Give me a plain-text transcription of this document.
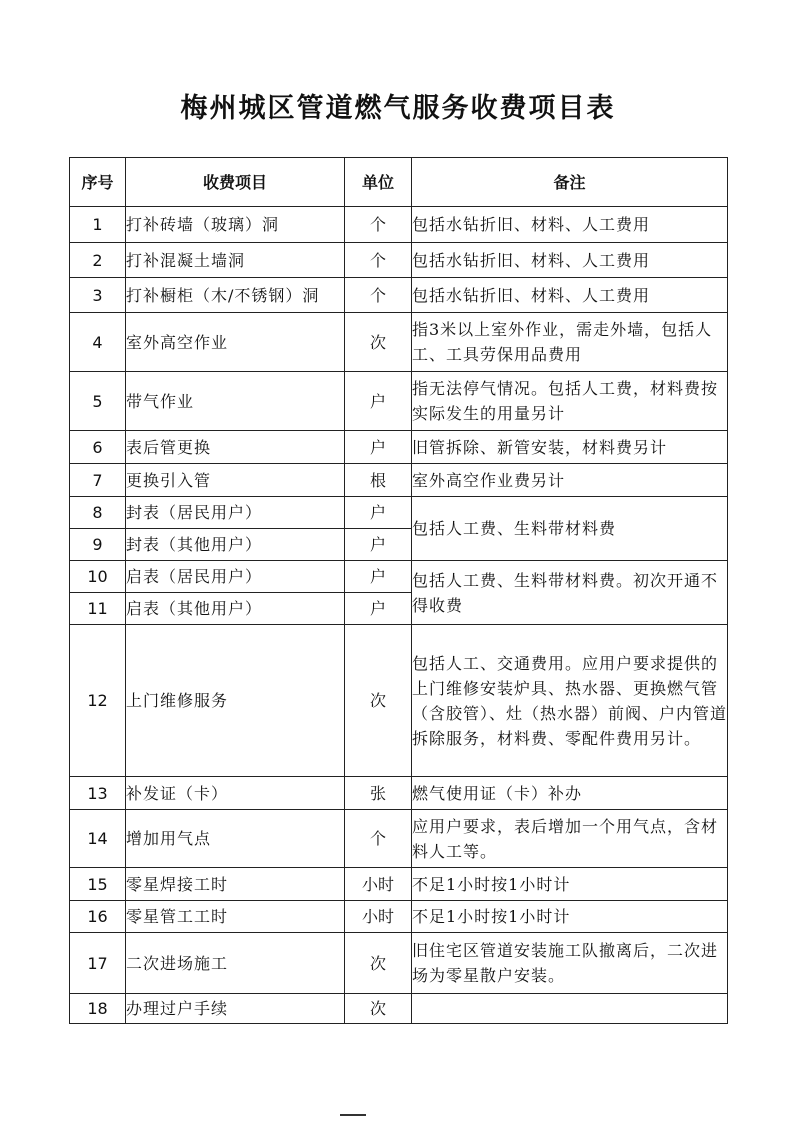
梅州城区管道燃气服务收费项目表
序号	收费项目	单位	备注
1	打补砖墙（玻璃）洞	个	包括水钻折旧、材料、人工费用
2	打补混凝土墙洞	个	包括水钻折旧、材料、人工费用
3	打补橱柜（木/不锈钢）洞	个	包括水钻折旧、材料、人工费用
4	室外高空作业	次	指3米以上室外作业，需走外墙，包括人工、工具劳保用品费用
5	带气作业	户	指无法停气情况。包括人工费，材料费按实际发生的用量另计
6	表后管更换	户	旧管拆除、新管安装，材料费另计
7	更换引入管	根	室外高空作业费另计
8	封表（居民用户）	户	包括人工费、生料带材料费
9	封表（其他用户）	户	
10	启表（居民用户）	户	包括人工费、生料带材料费。初次开通不得收费
11	启表（其他用户）	户	
12	上门维修服务	次	包括人工、交通费用。应用户要求提供的上门维修安装炉具、热水器、更换燃气管（含胶管）、灶（热水器）前阀、户内管道拆除服务，材料费、零配件费用另计。
13	补发证（卡）	张	燃气使用证（卡）补办
14	增加用气点	个	应用户要求，表后增加一个用气点，含材料人工等。
15	零星焊接工时	小时	不足1小时按1小时计
16	零星管工工时	小时	不足1小时按1小时计
17	二次进场施工	次	旧住宅区管道安装施工队撤离后，二次进场为零星散户安装。
18	办理过户手续	次	
